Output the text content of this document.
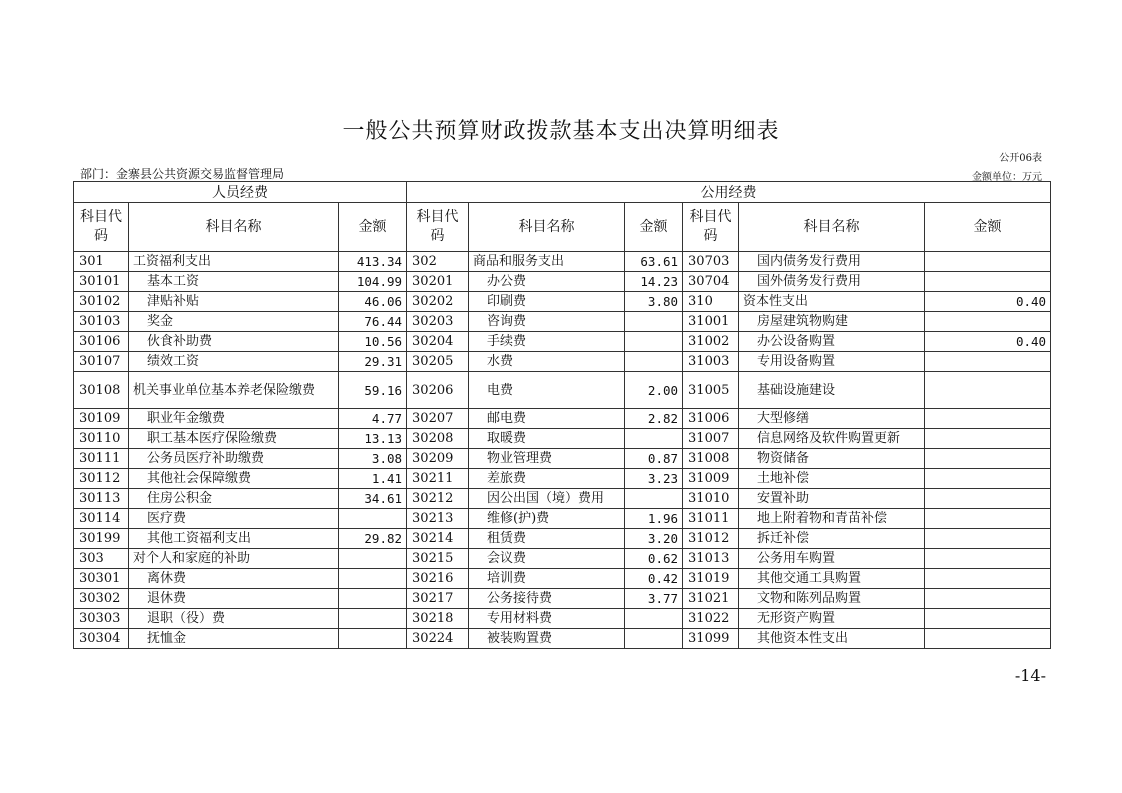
一般公共预算财政拨款基本支出决算明细表
公开06表
部门：金寨县公共资源交易监督管理局	金额单位：万元
人员经费			公用经费					
科目代码	科目名称	金额	科目代码	科目名称	金额	科目代码	科目名称	金额
301	工资福利支出	413.34	302	商品和服务支出	63.61	30703	国内债务发行费用	
30101	基本工资	104.99	30201	办公费	14.23	30704	国外债务发行费用	
30102	津贴补贴	46.06	30202	印刷费	3.80	310	资本性支出	0.40
30103	奖金	76.44	30203	咨询费		31001	房屋建筑物购建	
30106	伙食补助费	10.56	30204	手续费		31002	办公设备购置	0.40
30107	绩效工资	29.31	30205	水费		31003	专用设备购置	
30108	机关事业单位基本养老保险缴费	59.16	30206	电费	2.00	31005	基础设施建设	
30109	职业年金缴费	4.77	30207	邮电费	2.82	31006	大型修缮	
30110	职工基本医疗保险缴费	13.13	30208	取暖费		31007	信息网络及软件购置更新	
30111	公务员医疗补助缴费	3.08	30209	物业管理费	0.87	31008	物资储备	
30112	其他社会保障缴费	1.41	30211	差旅费	3.23	31009	土地补偿	
30113	住房公积金	34.61	30212	因公出国（境）费用		31010	安置补助	
30114	医疗费		30213	维修(护)费	1.96	31011	地上附着物和青苗补偿	
30199	其他工资福利支出	29.82	30214	租赁费	3.20	31012	拆迁补偿	
303	对个人和家庭的补助		30215	会议费	0.62	31013	公务用车购置	
30301	离休费		30216	培训费	0.42	31019	其他交通工具购置	
30302	退休费		30217	公务接待费	3.77	31021	文物和陈列品购置	
30303	退职（役）费		30218	专用材料费		31022	无形资产购置	
30304	抚恤金		30224	被装购置费		31099	其他资本性支出	
-14-
